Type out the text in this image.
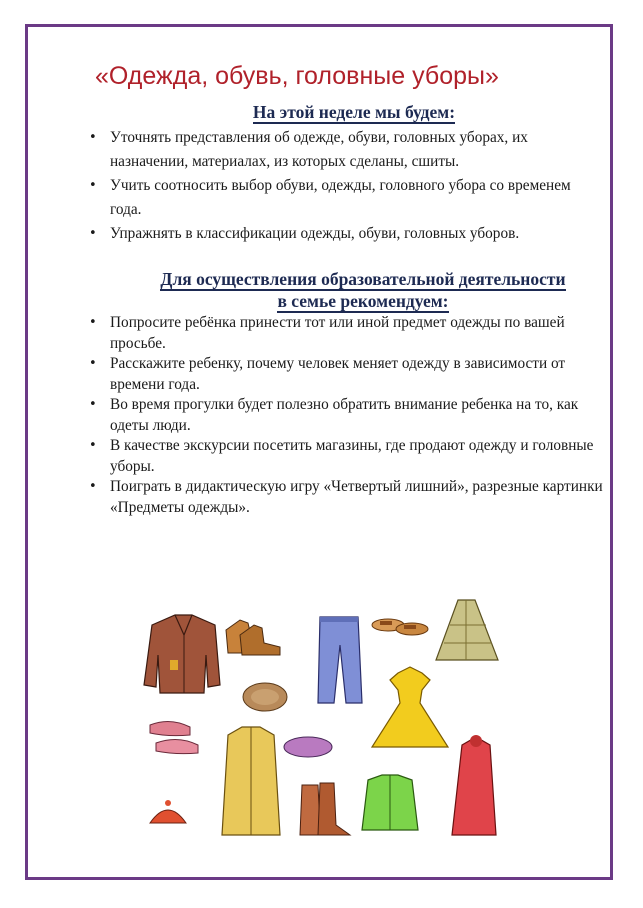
«Одежда, обувь, головные уборы»
На этой неделе мы будем:
• Уточнять представления об одежде, обуви, головных уборах, их назначении, материалах, из которых сделаны, сшиты.
• Учить соотносить выбор обуви, одежды, головного убора со временем года.
• Упражнять в классификации одежды, обуви, головных уборов.
Для осуществления образовательной деятельности
в семье рекомендуем:
• Попросите ребёнка принести тот или иной предмет одежды по вашей просьбе.
• Расскажите ребенку, почему человек меняет одежду в зависимости от времени года.
• Во время прогулки будет полезно обратить внимание ребенка на то, как одеты люди.
• В качестве экскурсии посетить магазины, где продают одежду и головные уборы.
• Поиграть в дидактическую игру «Четвертый лишний», разрезные картинки «Предметы одежды».
